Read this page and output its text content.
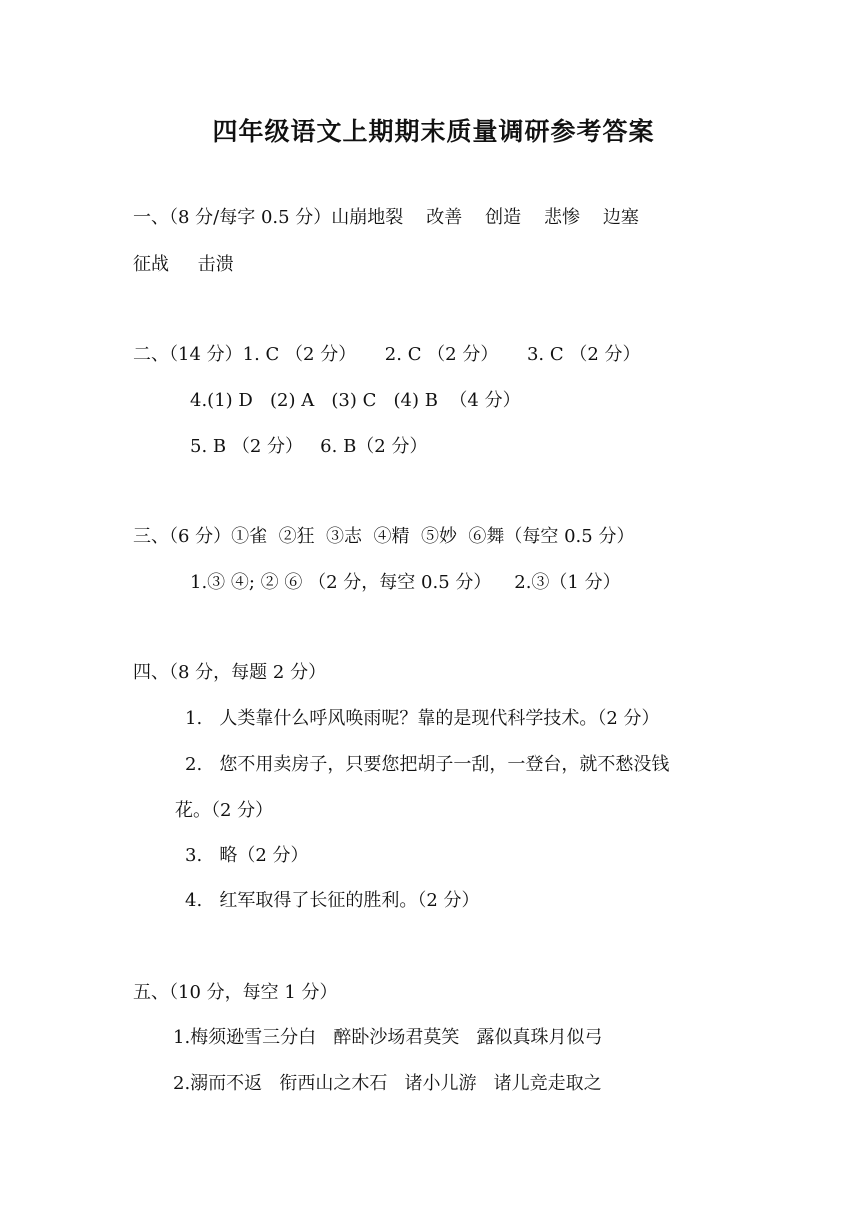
四年级语文上期期末质量调研参考答案

一、（8 分/每字 0.5 分）山崩地裂    改善    创造    悲惨    边塞

征战     击溃

二、（14 分）1. C （2 分）     2. C （2 分）     3. C （2 分）

4.(1) D   (2) A   (3) C   (4) B  （4 分）

5. B （2 分）   6. B（2 分）

三、（6 分）①雀  ②狂  ③志  ④精  ⑤妙  ⑥舞（每空 0.5 分）

1.③ ④; ② ⑥ （2 分，每空 0.5 分）    2.③（1 分）

四、（8 分，每题 2 分）

1.   人类靠什么呼风唤雨呢？靠的是现代科学技术。（2 分）

2.   您不用卖房子，只要您把胡子一刮，一登台，就不愁没钱

花。（2 分）

3.   略（2 分）

4.   红军取得了长征的胜利。（2 分）

五、（10 分，每空 1 分）

1.梅须逊雪三分白   醉卧沙场君莫笑   露似真珠月似弓

2.溺而不返   衔西山之木石   诸小儿游   诸儿竞走取之
